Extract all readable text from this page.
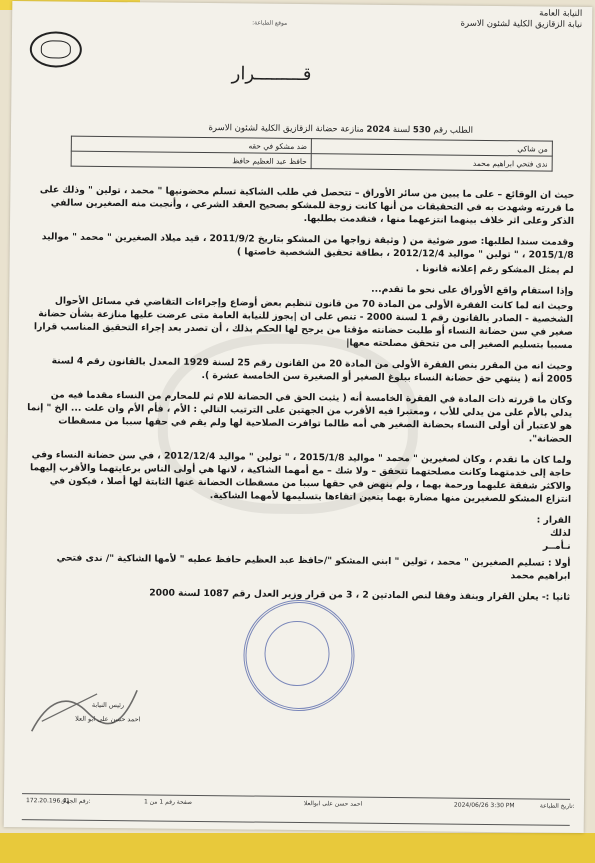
النيابة العامة
نيابة الزقازيق الكلية لشئون الاسرة
موقع الطباعة:
قـــــــــرار
الطلب رقم 530 لسنة 2024 منازعة حضانة الزقازيق الكلية لشئون الاسرة
من شاكي	ضد مشكو في حقه
ندى فتحي ابراهيم محمد	حافظ عبد العظيم حافظ

حيث ان الوقائع – على ما يبين من سائر الأوراق – تتحصل في طلب الشاكية تسلم محضونيها " محمد ، تولين " وذلك على ما قررته وشهدت به في التحقيقات من أنها كانت زوجة للمشكو بصحيح العقد الشرعي ، وأنجبت منه الصغيرين سالفي الذكر وعلى اثر خلاف بينهما انتزعهما منها ، فنقدمت بطلبها.

وقدمت سندا لطلبها: صور ضوئية من ( وثيقة زواجها من المشكو بتاريخ 2011/9/2 ، قيد ميلاد الصغيرين " محمد " مواليد 2015/1/8 ، " تولين " مواليد 2012/12/4 ، بطاقة تحقيق الشخصية خاصتها )

لم يمثل المشكو رغم إعلانه قانونا .

وإذا استقام واقع الأوراق على نحو ما تقدم...

وحيث انه لما كانت الفقرة الأولى من المادة 70 من قانون تنظيم بعض أوضاع وإجراءات التقاضي في مسائل الأحوال الشخصية - الصادر بالقانون رقم 1 لسنة 2000 - تنص على ان |يجوز للنيابة العامة متى عرضت عليها منازعة بشأن حضانة صغير في سن حضانة النساء أو طلبت حضانته مؤقتا من يرجح لها الحكم بذلك ، أن تصدر بعد إجراء التحقيق المناسب قرارا مسببا بتسليم الصغير إلى من تتحقق مصلحته معها|

وحيث انه من المقرر بنص الفقرة الأولى من المادة 20 من القانون رقم 25 لسنة 1929 المعدل بالقانون رقم 4 لسنة 2005 أنه ( ينتهي حق حضانة النساء ببلوغ الصغير أو الصغيرة سن الخامسة عشرة ).

وكان ما قررته ذات المادة في الفقرة الخامسة أنه ( يثبت الحق في الحضانة للام ثم للمحارم من النساء مقدما فيه من يدلي بالأم على من يدلي للأب ، ومعتبرا فيه الأقرب من الجهتين على الترتيب التالي : الأم ، فأم الأم وان علت ... الخ " إنما هو لاعتبار أن أولى النساء بحضانة الصغير هي أمه طالما توافرت الصلاحية لها ولم يقم في حقها سببا من مسقطات الحضانة".

ولما كان ما تقدم ، وكان لصغيرين " محمد " مواليد 2015/1/8 ، " تولين " مواليد 2012/12/4 ، في سن حضانة النساء وفي حاجة إلى خدمتهما وكانت مصلحتهما تتحقق – ولا شك – مع أمهما الشاكية ، لانها هي أولى الناس برعايتهما والأقرب إليهما والاكثر شفقة عليهما ورحمة بهما ، ولم ينهض في حقها سببا من مسقطات الحضانة عنها الثابتة لها أصلا ، فيكون في انتزاع المشكو للصغيرين منها مضارة بهما يتعين اتقاءها بتسليمها لأمهما الشاكية.

القرار :
لذلك
نـأمــر

أولا : تسليم الصغيرين " محمد ، تولين " ابني المشكو "/حافظ عبد العظيم حافظ عطيه " لأمها الشاكية "/ ندى فتحي ابراهيم محمد

ثانيا :- يعلن القرار وينفذ وفقا لنص المادتين 2 ، 3 من قرار وزير العدل رقم 1087 لسنة 2000

رئيس النيابة
احمد حسن على ابو العلا
172.20.196.41
رقم الجهاز:	صفحة رقم 1 من 1	احمد حسن على ابوالعلا	2024/06/26 3:30 PM	تاريخ الطباعة:
